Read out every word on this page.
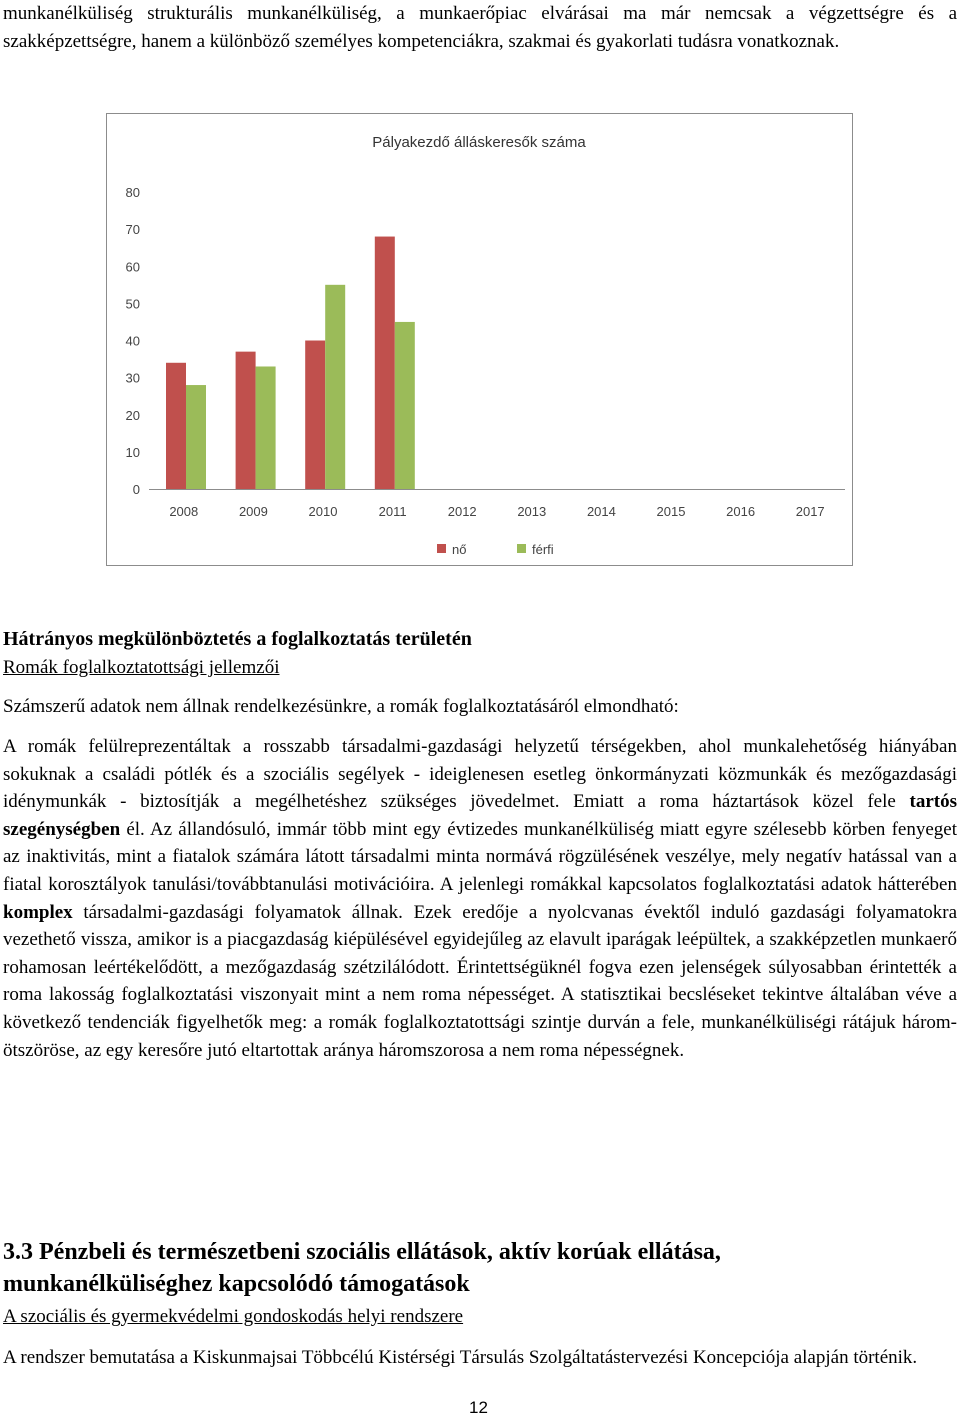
munkanélküliség strukturális munkanélküliség, a munkaerőpiac elvárásai ma már nemcsak a végzettségre és a szakképzettségre, hanem a különböző személyes kompetenciákra, szakmai és gyakorlati tudásra vonatkoznak.

Pályakezdő álláskeresők száma
0
10
20
30
40
50
60
70
80
2008	2009	2010	2011	2012	2013	2014	2015	2016	2017
nő	férfi

Hátrányos megkülönböztetés a foglalkoztatás területén

Romák foglalkoztatottsági jellemzői

Számszerű adatok nem állnak rendelkezésünkre, a romák foglalkoztatásáról elmondható:

A romák felülreprezentáltak a rosszabb társadalmi-gazdasági helyzetű térségekben, ahol munkalehetőség hiányában sokuknak a családi pótlék és a szociális segélyek - ideiglenesen esetleg önkormányzati közmunkák és mezőgazdasági idénymunkák - biztosítják a megélhetéshez szükséges jövedelmet. Emiatt a roma háztartások közel fele tartós szegénységben él. Az állandósuló, immár több mint egy évtizedes munkanélküliség miatt egyre szélesebb körben fenyeget az inaktivitás, mint a fiatalok számára látott társadalmi minta normává rögzülésének veszélye, mely negatív hatással van a fiatal korosztályok tanulási/továbbtanulási motivációira. A jelenlegi romákkal kapcsolatos foglalkoztatási adatok hátterében komplex társadalmi-gazdasági folyamatok állnak. Ezek eredője a nyolcvanas évektől induló gazdasági folyamatokra vezethető vissza, amikor is a piacgazdaság kiépülésével egyidejűleg az elavult iparágak leépültek, a szakképzetlen munkaerő rohamosan leértékelődött, a mezőgazdaság szétzilálódott. Érintettségüknél fogva ezen jelenségek súlyosabban érintették a roma lakosság foglalkoztatási viszonyait mint a nem roma népességet. A statisztikai becsléseket tekintve általában véve a következő tendenciák figyelhetők meg: a romák foglalkoztatottsági szintje durván a fele, munkanélküliségi rátájuk három-ötszöröse, az egy keresőre jutó eltartottak aránya háromszorosa a nem roma népességnek.

3.3 Pénzbeli és természetbeni szociális ellátások, aktív korúak ellátása,
munkanélküliséghez kapcsolódó támogatások

A szociális és gyermekvédelmi gondoskodás helyi rendszere

A rendszer bemutatása a Kiskunmajsai Többcélú Kistérségi Társulás Szolgáltatástervezési Koncepciója alapján történik.

12
